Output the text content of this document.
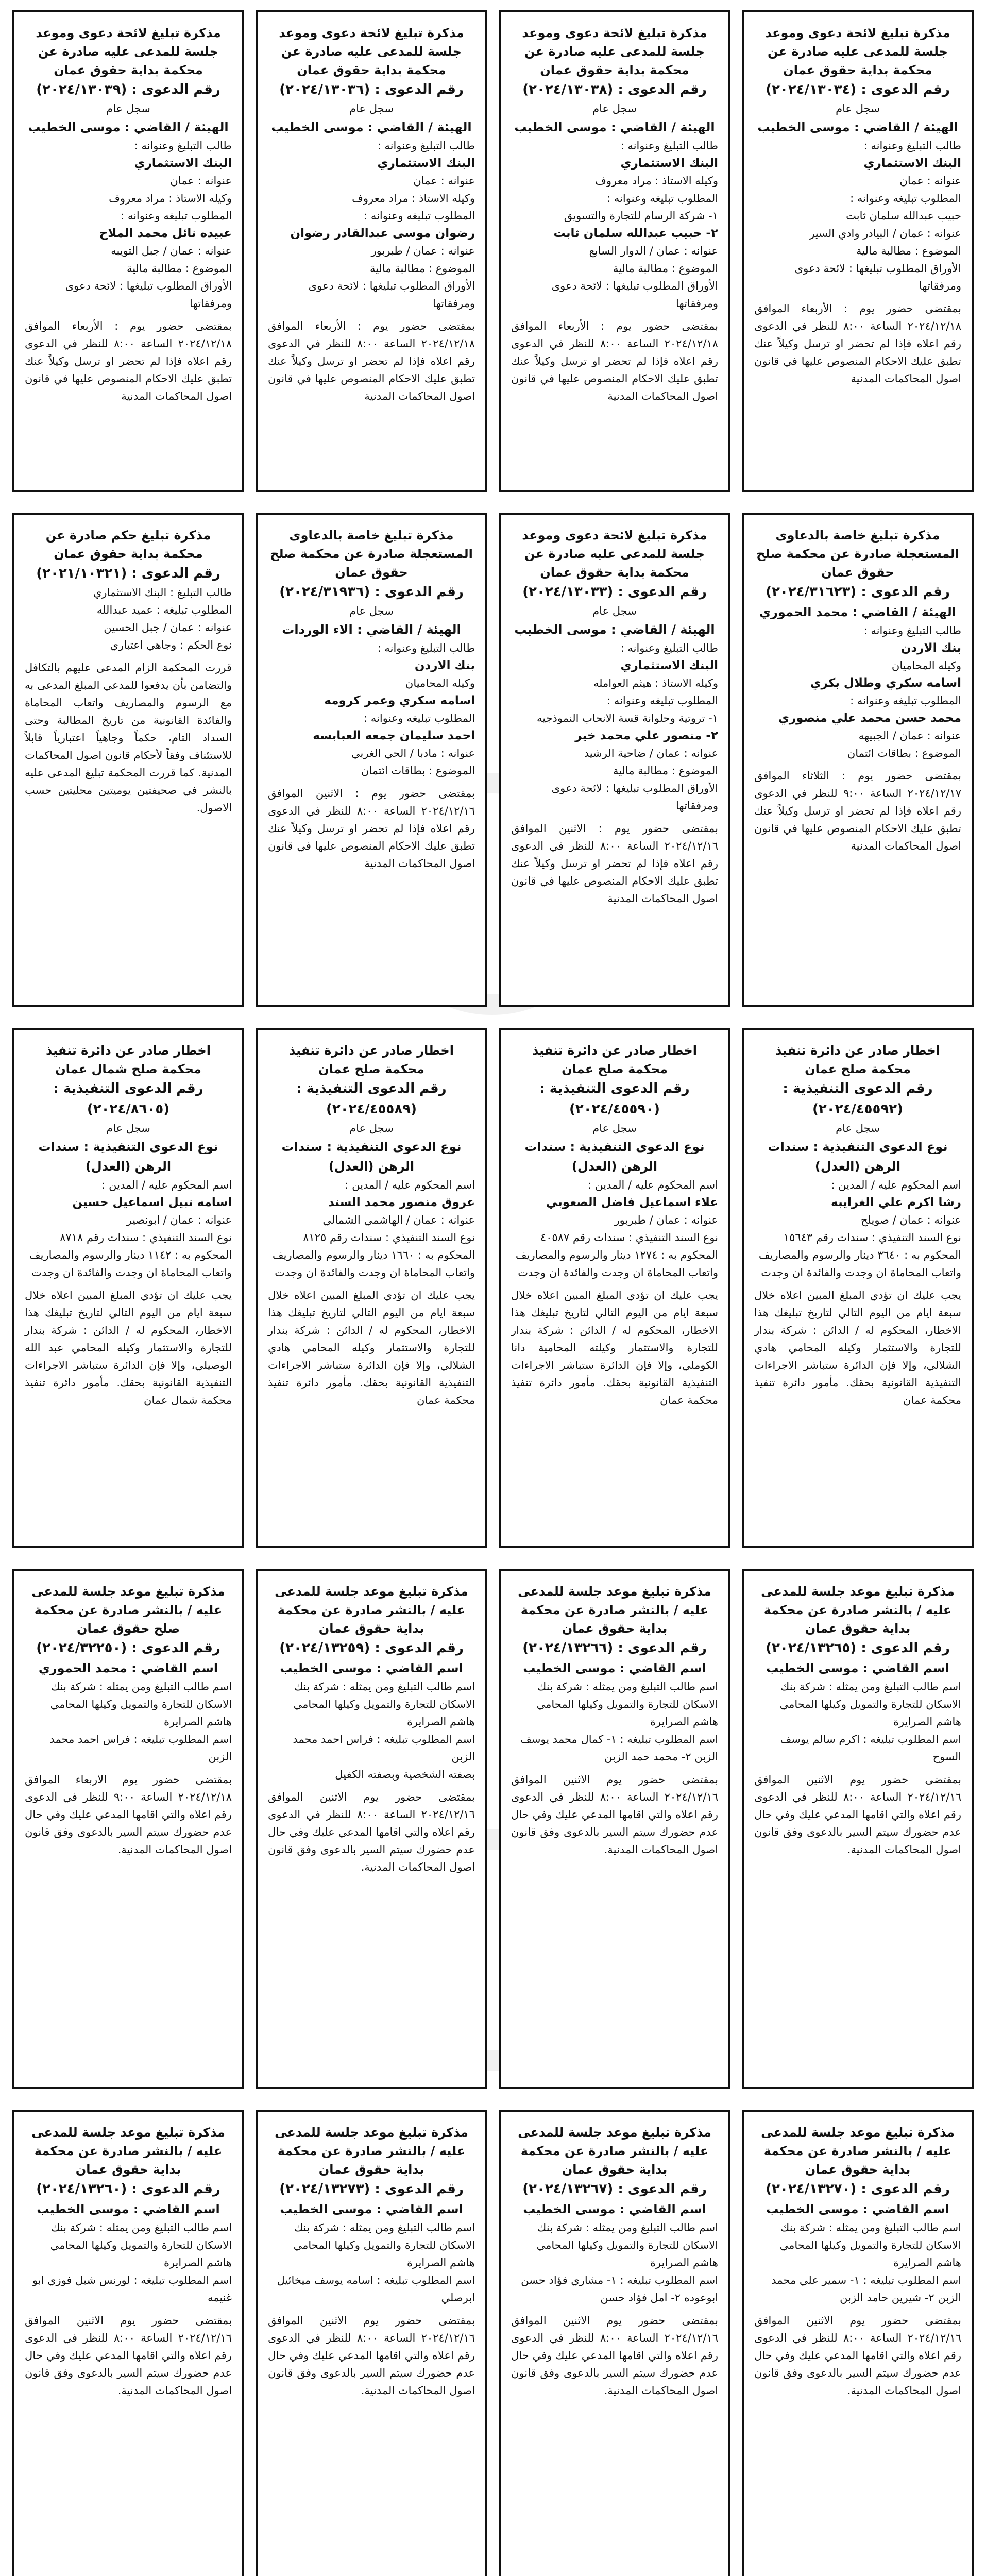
مذكرة تبليغ لائحة دعوى وموعد جلسة للمدعى عليه صادرة عن محكمة بداية حقوق عمان

رقم الدعوى : (٢٠٢٤/١٣٠٣٤)

سجل عام

الهيئة / القاضي : موسى الخطيب

طالب التبليغ وعنوانه :

البنك الاستثماري

عنوانه : عمان

المطلوب تبليغه وعنوانه :

حبيب عبدالله سلمان ثابت

عنوانه : عمان / البيادر وادي السير

الموضوع : مطالبة مالية

الأوراق المطلوب تبليغها : لائحة دعوى ومرفقاتها

بمقتضى حضور يوم : الأربعاء الموافق ٢٠٢٤/١٢/١٨ الساعة ٨:٠٠ للنظر في الدعوى رقم اعلاه فإذا لم تحضر او ترسل وكيلاً عنك تطبق عليك الاحكام المنصوص عليها في قانون اصول المحاكمات المدنية

مذكرة تبليغ لائحة دعوى وموعد جلسة للمدعى عليه صادرة عن محكمة بداية حقوق عمان

رقم الدعوى : (٢٠٢٤/١٣٠٣٨)

سجل عام

الهيئة / القاضي : موسى الخطيب

طالب التبليغ وعنوانه :

البنك الاستثماري

وكيله الاستاذ : مراد معروف

المطلوب تبليغه وعنوانه :

١- شركة الرسام للتجارة والتسويق

٢- حبيب عبدالله سلمان ثابت

عنوانه : عمان / الدوار السابع

الموضوع : مطالبة مالية

الأوراق المطلوب تبليغها : لائحة دعوى ومرفقاتها

بمقتضى حضور يوم : الأربعاء الموافق ٢٠٢٤/١٢/١٨ الساعة ٨:٠٠ للنظر في الدعوى رقم اعلاه فإذا لم تحضر او ترسل وكيلاً عنك تطبق عليك الاحكام المنصوص عليها في قانون اصول المحاكمات المدنية

مذكرة تبليغ لائحة دعوى وموعد جلسة للمدعى عليه صادرة عن محكمة بداية حقوق عمان

رقم الدعوى : (٢٠٢٤/١٣٠٣٦)

سجل عام

الهيئة / القاضي : موسى الخطيب

طالب التبليغ وعنوانه :

البنك الاستثماري

عنوانه : عمان

وكيله الاستاذ : مراد معروف

المطلوب تبليغه وعنوانه :

رضوان موسى عبدالقادر رضوان

عنوانه : عمان / طبربور

الموضوع : مطالبة مالية

الأوراق المطلوب تبليغها : لائحة دعوى ومرفقاتها

بمقتضى حضور يوم : الأربعاء الموافق ٢٠٢٤/١٢/١٨ الساعة ٨:٠٠ للنظر في الدعوى رقم اعلاه فإذا لم تحضر او ترسل وكيلاً عنك تطبق عليك الاحكام المنصوص عليها في قانون اصول المحاكمات المدنية

مذكرة تبليغ لائحة دعوى وموعد جلسة للمدعى عليه صادرة عن محكمة بداية حقوق عمان

رقم الدعوى : (٢٠٢٤/١٣٠٣٩)

سجل عام

الهيئة / القاضي : موسى الخطيب

طالب التبليغ وعنوانه :

البنك الاستثماري

عنوانه : عمان

وكيله الاستاذ : مراد معروف

المطلوب تبليغه وعنوانه :

عبيده نائل محمد الملاح

عنوانه : عمان / جبل التويبه

الموضوع : مطالبة مالية

الأوراق المطلوب تبليغها : لائحة دعوى ومرفقاتها

بمقتضى حضور يوم : الأربعاء الموافق ٢٠٢٤/١٢/١٨ الساعة ٨:٠٠ للنظر في الدعوى رقم اعلاه فإذا لم تحضر او ترسل وكيلاً عنك تطبق عليك الاحكام المنصوص عليها في قانون اصول المحاكمات المدنية

مذكرة تبليغ خاصة بالدعاوى المستعجلة صادرة عن محكمة صلح حقوق عمان

رقم الدعوى : (٢٠٢٤/٣١٦٢٣)

الهيئة / القاضي : محمد الحموري

طالب التبليغ وعنوانه :

بنك الاردن

وكيله المحاميان

اسامه سكري وطلال بكري

المطلوب تبليغه وعنوانه :

محمد حسن محمد علي منصوري

عنوانه : عمان / الجبيهه

الموضوع : بطاقات ائتمان

بمقتضى حضور يوم : الثلاثاء الموافق ٢٠٢٤/١٢/١٧ الساعة ٩:٠٠ للنظر في الدعوى رقم اعلاه فإذا لم تحضر او ترسل وكيلاً عنك تطبق عليك الاحكام المنصوص عليها في قانون اصول المحاكمات المدنية

مذكرة تبليغ لائحة دعوى وموعد جلسة للمدعى عليه صادرة عن محكمة بداية حقوق عمان

رقم الدعوى : (٢٠٢٤/١٣٠٣٣)

سجل عام

الهيئة / القاضي : موسى الخطيب

طالب التبليغ وعنوانه :

البنك الاستثماري

وكيله الاستاذ : هيثم العوامله

المطلوب تبليغه وعنوانه :

١- تروتية وحلوانة قسة الانحاب النموذجيه

٢- منصور علي محمد خير

عنوانه : عمان / ضاحية الرشيد

الموضوع : مطالبة مالية

الأوراق المطلوب تبليغها : لائحة دعوى ومرفقاتها

بمقتضى حضور يوم : الاثنين الموافق ٢٠٢٤/١٢/١٦ الساعة ٨:٠٠ للنظر في الدعوى رقم اعلاه فإذا لم تحضر او ترسل وكيلاً عنك تطبق عليك الاحكام المنصوص عليها في قانون اصول المحاكمات المدنية

مذكرة تبليغ خاصة بالدعاوى المستعجلة صادرة عن محكمة صلح حقوق عمان

رقم الدعوى : (٢٠٢٤/٣١٩٣٦)

سجل عام

الهيئة / القاضي : الاء الوردات

طالب التبليغ وعنوانه :

بنك الاردن

وكيله المحاميان

اسامه سكري وعمر كرومه

المطلوب تبليغه وعنوانه :

احمد سليمان جمعه العبابسه

عنوانه : مادبا / الحي الغربي

الموضوع : بطاقات ائتمان

بمقتضى حضور يوم : الاثنين الموافق ٢٠٢٤/١٢/١٦ الساعة ٨:٠٠ للنظر في الدعوى رقم اعلاه فإذا لم تحضر او ترسل وكيلاً عنك تطبق عليك الاحكام المنصوص عليها في قانون اصول المحاكمات المدنية

مذكرة تبليغ حكم صادرة عن محكمة بداية حقوق عمان

رقم الدعوى : (٢٠٢١/١٠٣٢١)

طالب التبليغ : البنك الاستثماري

المطلوب تبليغه : عميد عبدالله

عنوانه : عمان / جبل الحسين

نوع الحكم : وجاهي اعتباري

قررت المحكمة الزام المدعى عليهم بالتكافل والتضامن بأن يدفعوا للمدعي المبلغ المدعى به مع الرسوم والمصاريف واتعاب المحاماة والفائدة القانونية من تاريخ المطالبة وحتى السداد التام، حكماً وجاهياً اعتبارياً قابلاً للاستئناف وفقاً لأحكام قانون اصول المحاكمات المدنية. كما قررت المحكمة تبليغ المدعى عليه بالنشر في صحيفتين يوميتين محليتين حسب الاصول.

اخطار صادر عن دائرة تنفيذ محكمة صلح عمان

رقم الدعوى التنفيذية : (٢٠٢٤/٤٥٥٩٢)

سجل عام

نوع الدعوى التنفيذية : سندات الرهن (العدل)

اسم المحكوم عليه / المدين :

رشا اكرم علي الغرايبه

عنوانه : عمان / صويلح

نوع السند التنفيذي : سندات رقم ١٥٦٤٣

المحكوم به : ٣٦٤٠ دينار والرسوم والمصاريف واتعاب المحاماة ان وجدت والفائدة ان وجدت

يجب عليك ان تؤدي المبلغ المبين اعلاه خلال سبعة ايام من اليوم التالي لتاريخ تبليغك هذا الاخطار، المحكوم له / الدائن : شركة بندار للتجارة والاستثمار وكيله المحامي هادي الشلالي، وإلا فإن الدائرة ستباشر الاجراءات التنفيذية القانونية بحقك. مأمور دائرة تنفيذ محكمة عمان

اخطار صادر عن دائرة تنفيذ محكمة صلح عمان

رقم الدعوى التنفيذية : (٢٠٢٤/٤٥٥٩٠)

سجل عام

نوع الدعوى التنفيذية : سندات الرهن (العدل)

اسم المحكوم عليه / المدين :

علاء اسماعيل فاضل الصعوبي

عنوانه : عمان / طبربور

نوع السند التنفيذي : سندات رقم ٤٠٥٨٧

المحكوم به : ١٢٧٤ دينار والرسوم والمصاريف واتعاب المحاماة ان وجدت والفائدة ان وجدت

يجب عليك ان تؤدي المبلغ المبين اعلاه خلال سبعة ايام من اليوم التالي لتاريخ تبليغك هذا الاخطار، المحكوم له / الدائن : شركة بندار للتجارة والاستثمار وكيلته المحامية دانا الكوملي، وإلا فإن الدائرة ستباشر الاجراءات التنفيذية القانونية بحقك. مأمور دائرة تنفيذ محكمة عمان

اخطار صادر عن دائرة تنفيذ محكمة صلح عمان

رقم الدعوى التنفيذية : (٢٠٢٤/٤٥٥٨٩)

سجل عام

نوع الدعوى التنفيذية : سندات الرهن (العدل)

اسم المحكوم عليه / المدين :

عروق منصور محمد السند

عنوانه : عمان / الهاشمي الشمالي

نوع السند التنفيذي : سندات رقم ٨١٢٥

المحكوم به : ١٦٦٠ دينار والرسوم والمصاريف واتعاب المحاماة ان وجدت والفائدة ان وجدت

يجب عليك ان تؤدي المبلغ المبين اعلاه خلال سبعة ايام من اليوم التالي لتاريخ تبليغك هذا الاخطار، المحكوم له / الدائن : شركة بندار للتجارة والاستثمار وكيله المحامي هادي الشلالي، وإلا فإن الدائرة ستباشر الاجراءات التنفيذية القانونية بحقك. مأمور دائرة تنفيذ محكمة عمان

اخطار صادر عن دائرة تنفيذ محكمة صلح شمال عمان

رقم الدعوى التنفيذية : (٢٠٢٤/٨٦٠٥)

سجل عام

نوع الدعوى التنفيذية : سندات الرهن (العدل)

اسم المحكوم عليه / المدين :

اسامه نبيل اسماعيل حسين

عنوانه : عمان / ابونصير

نوع السند التنفيذي : سندات رقم ٨٧١٨

المحكوم به : ١١٤٢ دينار والرسوم والمصاريف واتعاب المحاماة ان وجدت والفائدة ان وجدت

يجب عليك ان تؤدي المبلغ المبين اعلاه خلال سبعة ايام من اليوم التالي لتاريخ تبليغك هذا الاخطار، المحكوم له / الدائن : شركة بندار للتجارة والاستثمار وكيله المحامي عبد الله الوصيلي، وإلا فإن الدائرة ستباشر الاجراءات التنفيذية القانونية بحقك. مأمور دائرة تنفيذ محكمة شمال عمان

مذكرة تبليغ موعد جلسة للمدعى عليه / بالنشر صادرة عن محكمة بداية حقوق عمان

رقم الدعوى : (٢٠٢٤/١٣٢٦٥)

اسم القاضي : موسى الخطيب

اسم طالب التبليغ ومن يمثله : شركة بنك الاسكان للتجارة والتمويل وكيلها المحامي هاشم الصرايرة

اسم المطلوب تبليغه : اكرم سالم يوسف السوح

بمقتضى حضور يوم الاثنين الموافق ٢٠٢٤/١٢/١٦ الساعة ٨:٠٠ للنظر في الدعوى رقم اعلاه والتي اقامها المدعي عليك وفي حال عدم حضورك سيتم السير بالدعوى وفق قانون اصول المحاكمات المدنية.

مذكرة تبليغ موعد جلسة للمدعى عليه / بالنشر صادرة عن محكمة بداية حقوق عمان

رقم الدعوى : (٢٠٢٤/١٣٢٦٦)

اسم القاضي : موسى الخطيب

اسم طالب التبليغ ومن يمثله : شركة بنك الاسكان للتجارة والتمويل وكيلها المحامي هاشم الصرايرة

اسم المطلوب تبليغه : ١- كمال محمد يوسف الزبن ٢- محمد حمد الزبن

بمقتضى حضور يوم الاثنين الموافق ٢٠٢٤/١٢/١٦ الساعة ٨:٠٠ للنظر في الدعوى رقم اعلاه والتي اقامها المدعي عليك وفي حال عدم حضورك سيتم السير بالدعوى وفق قانون اصول المحاكمات المدنية.

مذكرة تبليغ موعد جلسة للمدعى عليه / بالنشر صادرة عن محكمة بداية حقوق عمان

رقم الدعوى : (٢٠٢٤/١٣٢٥٩)

اسم القاضي : موسى الخطيب

اسم طالب التبليغ ومن يمثله : شركة بنك الاسكان للتجارة والتمويل وكيلها المحامي هاشم الصرايرة

اسم المطلوب تبليغه : فراس احمد محمد الزبن

بصفته الشخصية وبصفته الكفيل

بمقتضى حضور يوم الاثنين الموافق ٢٠٢٤/١٢/١٦ الساعة ٨:٠٠ للنظر في الدعوى رقم اعلاه والتي اقامها المدعي عليك وفي حال عدم حضورك سيتم السير بالدعوى وفق قانون اصول المحاكمات المدنية.

مذكرة تبليغ موعد جلسة للمدعى عليه / بالنشر صادرة عن محكمة صلح حقوق عمان

رقم الدعوى : (٢٠٢٤/٣٢٢٥٠)

اسم القاضي : محمد الحموري

اسم طالب التبليغ ومن يمثله : شركة بنك الاسكان للتجارة والتمويل وكيلها المحامي هاشم الصرايرة

اسم المطلوب تبليغه : فراس احمد محمد الزبن

بمقتضى حضور يوم الاربعاء الموافق ٢٠٢٤/١٢/١٨ الساعة ٩:٠٠ للنظر في الدعوى رقم اعلاه والتي اقامها المدعي عليك وفي حال عدم حضورك سيتم السير بالدعوى وفق قانون اصول المحاكمات المدنية.

مذكرة تبليغ موعد جلسة للمدعى عليه / بالنشر صادرة عن محكمة بداية حقوق عمان

رقم الدعوى : (٢٠٢٤/١٣٢٧٠)

اسم القاضي : موسى الخطيب

اسم طالب التبليغ ومن يمثله : شركة بنك الاسكان للتجارة والتمويل وكيلها المحامي هاشم الصرايرة

اسم المطلوب تبليغه : ١- سمير علي محمد الزبن ٢- شيرين حامد الزبن

بمقتضى حضور يوم الاثنين الموافق ٢٠٢٤/١٢/١٦ الساعة ٨:٠٠ للنظر في الدعوى رقم اعلاه والتي اقامها المدعي عليك وفي حال عدم حضورك سيتم السير بالدعوى وفق قانون اصول المحاكمات المدنية.

مذكرة تبليغ موعد جلسة للمدعى عليه / بالنشر صادرة عن محكمة بداية حقوق عمان

رقم الدعوى : (٢٠٢٤/١٣٢٦٧)

اسم القاضي : موسى الخطيب

اسم طالب التبليغ ومن يمثله : شركة بنك الاسكان للتجارة والتمويل وكيلها المحامي هاشم الصرايرة

اسم المطلوب تبليغه : ١- مشاري فؤاد حسن ابوعوده ٢- امل فؤاد حسن

بمقتضى حضور يوم الاثنين الموافق ٢٠٢٤/١٢/١٦ الساعة ٨:٠٠ للنظر في الدعوى رقم اعلاه والتي اقامها المدعي عليك وفي حال عدم حضورك سيتم السير بالدعوى وفق قانون اصول المحاكمات المدنية.

مذكرة تبليغ موعد جلسة للمدعى عليه / بالنشر صادرة عن محكمة بداية حقوق عمان

رقم الدعوى : (٢٠٢٤/١٣٢٧٣)

اسم القاضي : موسى الخطيب

اسم طالب التبليغ ومن يمثله : شركة بنك الاسكان للتجارة والتمويل وكيلها المحامي هاشم الصرايرة

اسم المطلوب تبليغه : اسامه يوسف ميخائيل ابرصلي

بمقتضى حضور يوم الاثنين الموافق ٢٠٢٤/١٢/١٦ الساعة ٨:٠٠ للنظر في الدعوى رقم اعلاه والتي اقامها المدعي عليك وفي حال عدم حضورك سيتم السير بالدعوى وفق قانون اصول المحاكمات المدنية.

مذكرة تبليغ موعد جلسة للمدعى عليه / بالنشر صادرة عن محكمة بداية حقوق عمان

رقم الدعوى : (٢٠٢٤/١٣٢٦٠)

اسم القاضي : موسى الخطيب

اسم طالب التبليغ ومن يمثله : شركة بنك الاسكان للتجارة والتمويل وكيلها المحامي هاشم الصرايرة

اسم المطلوب تبليغه : لورنس شبل فوزي ابو غنيمه

بمقتضى حضور يوم الاثنين الموافق ٢٠٢٤/١٢/١٦ الساعة ٨:٠٠ للنظر في الدعوى رقم اعلاه والتي اقامها المدعي عليك وفي حال عدم حضورك سيتم السير بالدعوى وفق قانون اصول المحاكمات المدنية.
